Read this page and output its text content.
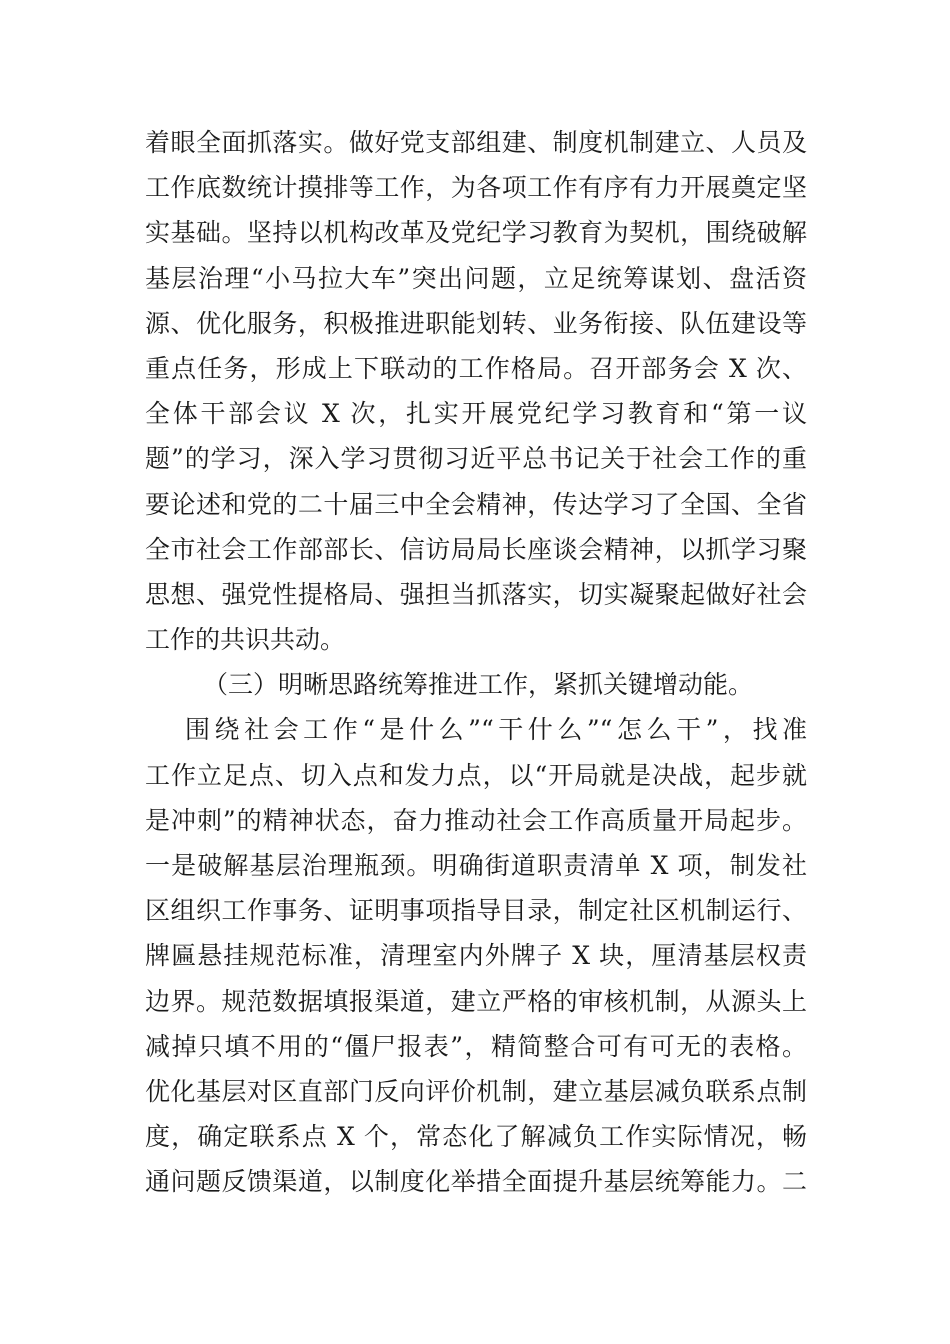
着眼全面抓落实。做好党支部组建、制度机制建立、人员及
工作底数统计摸排等工作，为各项工作有序有力开展奠定坚
实基础。坚持以机构改革及党纪学习教育为契机，围绕破解
基层治理“小马拉大车”突出问题，立足统筹谋划、盘活资
源、优化服务，积极推进职能划转、业务衔接、队伍建设等
重点任务，形成上下联动的工作格局。召开部务会 X 次、
全体干部会议 X 次，扎实开展党纪学习教育和“第一议
题”的学习，深入学习贯彻习近平总书记关于社会工作的重
要论述和党的二十届三中全会精神，传达学习了全国、全省
全市社会工作部部长、信访局局长座谈会精神，以抓学习聚
思想、强党性提格局、强担当抓落实，切实凝聚起做好社会
工作的共识共动。
（三）明晰思路统筹推进工作，紧抓关键增动能。
围绕社会工作“是什么”“干什么”“怎么干”，找准
工作立足点、切入点和发力点，以“开局就是决战，起步就
是冲刺”的精神状态，奋力推动社会工作高质量开局起步。
一是破解基层治理瓶颈。明确街道职责清单 X 项，制发社
区组织工作事务、证明事项指导目录，制定社区机制运行、
牌匾悬挂规范标准，清理室内外牌子 X 块，厘清基层权责
边界。规范数据填报渠道，建立严格的审核机制，从源头上
减掉只填不用的“僵尸报表”，精简整合可有可无的表格。
优化基层对区直部门反向评价机制，建立基层减负联系点制
度，确定联系点 X 个，常态化了解减负工作实际情况，畅
通问题反馈渠道，以制度化举措全面提升基层统筹能力。二
